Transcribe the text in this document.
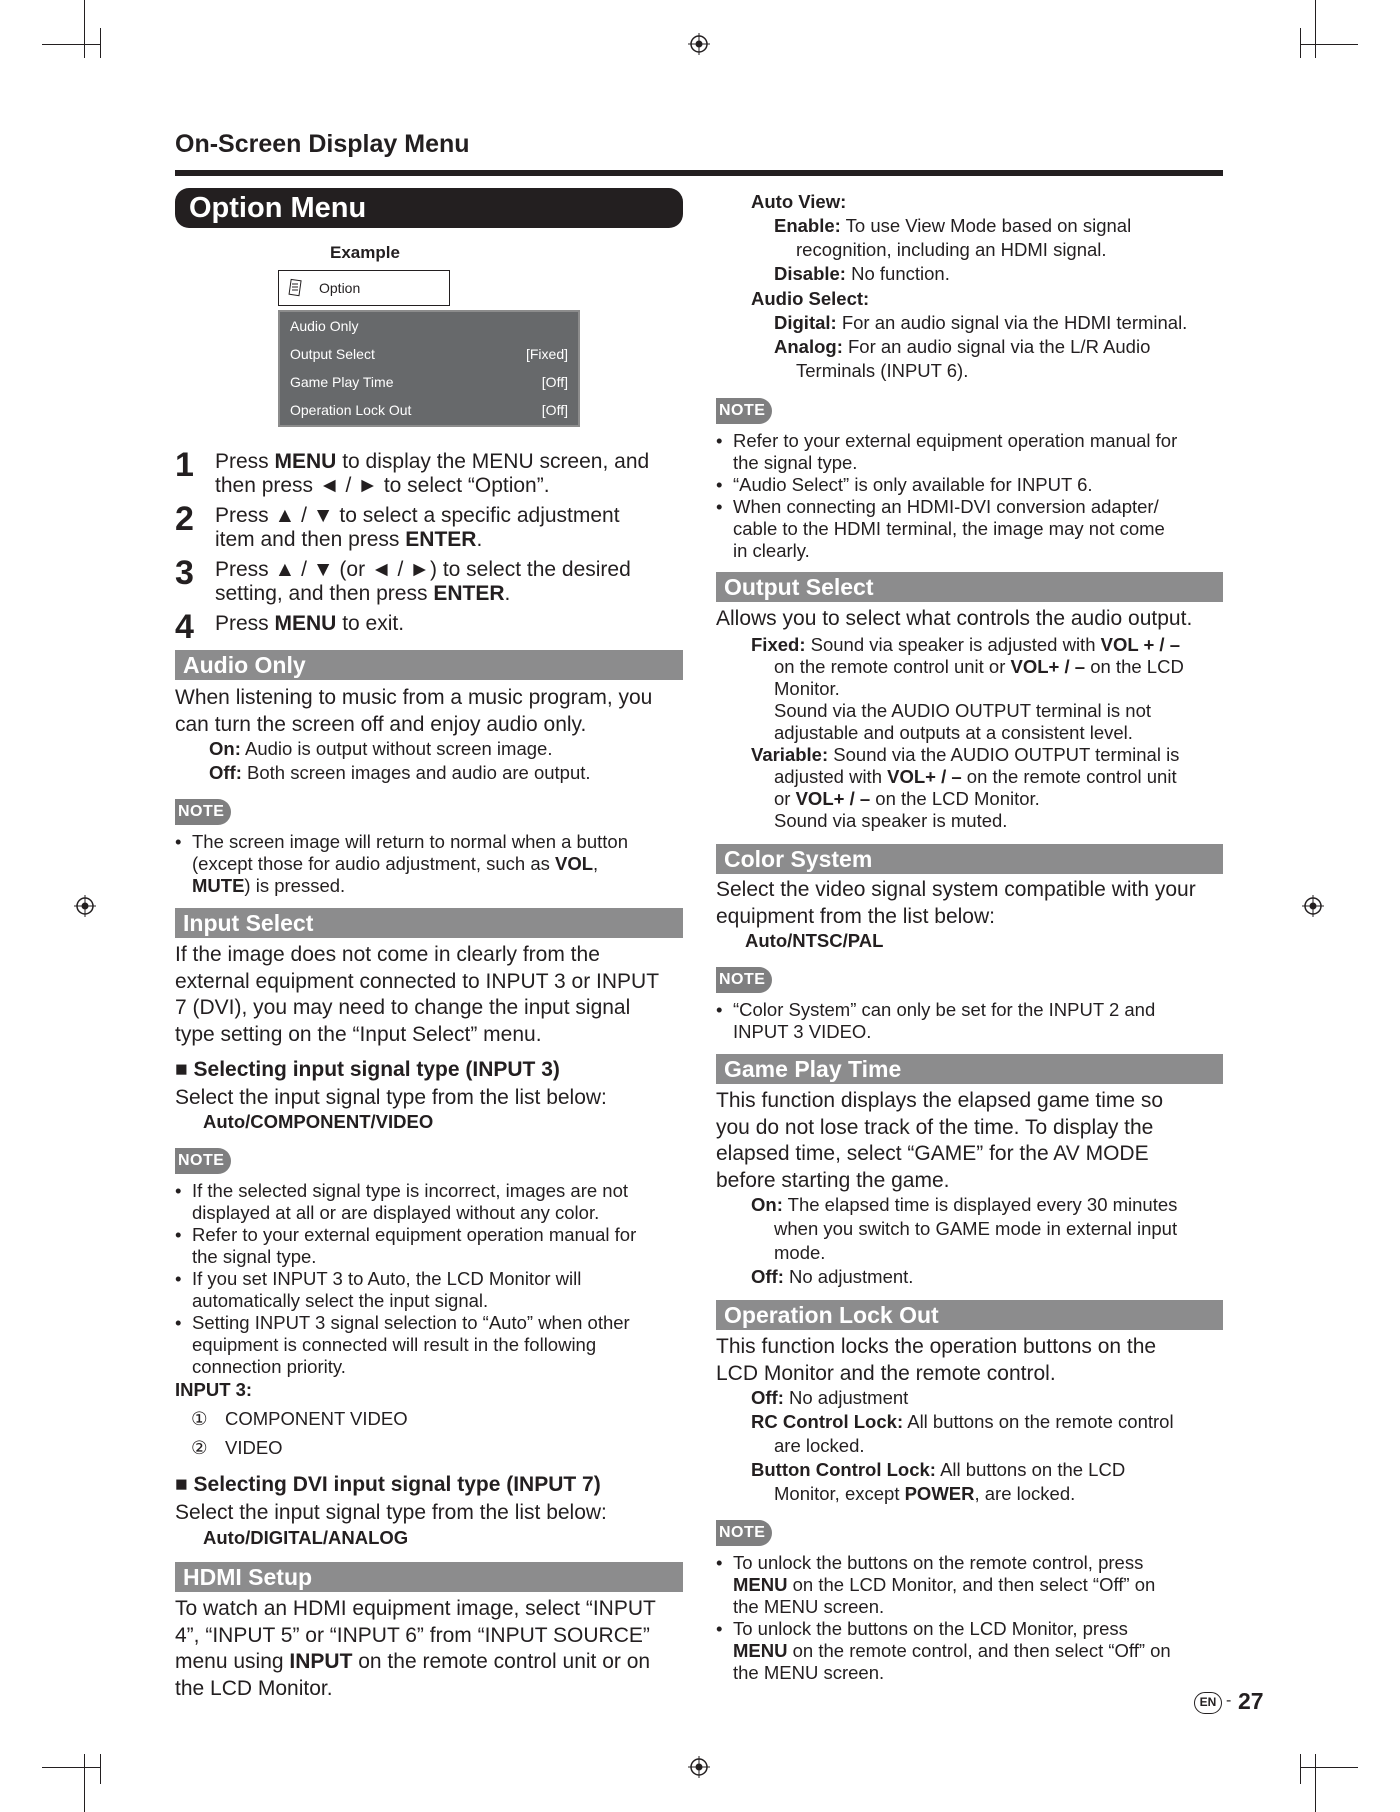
On-Screen Display Menu
Option Menu
Example
Option
Audio Only
Output Select	[Fixed]
Game Play Time	[Off]
Operation Lock Out	[Off]
1 Press MENU to display the MENU screen, and
then press ◄ / ► to select “Option”.
2 Press ▲ / ▼ to select a specific adjustment
item and then press ENTER.
3 Press ▲ / ▼ (or ◄ / ►) to select the desired
setting, and then press ENTER.
4 Press MENU to exit.
Audio Only
When listening to music from a music program, you
can turn the screen off and enjoy audio only.
On: Audio is output without screen image.
Off: Both screen images and audio are output.
NOTE
• The screen image will return to normal when a button
(except those for audio adjustment, such as VOL,
MUTE) is pressed.
Input Select
If the image does not come in clearly from the
external equipment connected to INPUT 3 or INPUT
7 (DVI), you may need to change the input signal
type setting on the “Input Select” menu.
■ Selecting input signal type (INPUT 3)
Select the input signal type from the list below:
Auto/COMPONENT/VIDEO
NOTE
• If the selected signal type is incorrect, images are not
displayed at all or are displayed without any color.
• Refer to your external equipment operation manual for
the signal type.
• If you set INPUT 3 to Auto, the LCD Monitor will
automatically select the input signal.
• Setting INPUT 3 signal selection to “Auto” when other
equipment is connected will result in the following
connection priority.
INPUT 3:
① COMPONENT VIDEO
② VIDEO
■ Selecting DVI input signal type (INPUT 7)
Select the input signal type from the list below:
Auto/DIGITAL/ANALOG
HDMI Setup
To watch an HDMI equipment image, select “INPUT
4”, “INPUT 5” or “INPUT 6” from “INPUT SOURCE”
menu using INPUT on the remote control unit or on
the LCD Monitor.
Auto View:
Enable: To use View Mode based on signal
recognition, including an HDMI signal.
Disable: No function.
Audio Select:
Digital: For an audio signal via the HDMI terminal.
Analog: For an audio signal via the L/R Audio
Terminals (INPUT 6).
NOTE
• Refer to your external equipment operation manual for
the signal type.
• “Audio Select” is only available for INPUT 6.
• When connecting an HDMI-DVI conversion adapter/
cable to the HDMI terminal, the image may not come
in clearly.
Output Select
Allows you to select what controls the audio output.
Fixed: Sound via speaker is adjusted with VOL + / –
on the remote control unit or VOL+ / – on the LCD
Monitor.
Sound via the AUDIO OUTPUT terminal is not
adjustable and outputs at a consistent level.
Variable: Sound via the AUDIO OUTPUT terminal is
adjusted with VOL+ / – on the remote control unit
or VOL+ / – on the LCD Monitor.
Sound via speaker is muted.
Color System
Select the video signal system compatible with your
equipment from the list below:
Auto/NTSC/PAL
NOTE
• “Color System” can only be set for the INPUT 2 and
INPUT 3 VIDEO.
Game Play Time
This function displays the elapsed game time so
you do not lose track of the time. To display the
elapsed time, select “GAME” for the AV MODE
before starting the game.
On: The elapsed time is displayed every 30 minutes
when you switch to GAME mode in external input
mode.
Off: No adjustment.
Operation Lock Out
This function locks the operation buttons on the
LCD Monitor and the remote control.
Off: No adjustment
RC Control Lock: All buttons on the remote control
are locked.
Button Control Lock: All buttons on the LCD
Monitor, except POWER, are locked.
NOTE
• To unlock the buttons on the remote control, press
MENU on the LCD Monitor, and then select “Off” on
the MENU screen.
• To unlock the buttons on the LCD Monitor, press
MENU on the remote control, and then select “Off” on
the MENU screen.
EN - 27
